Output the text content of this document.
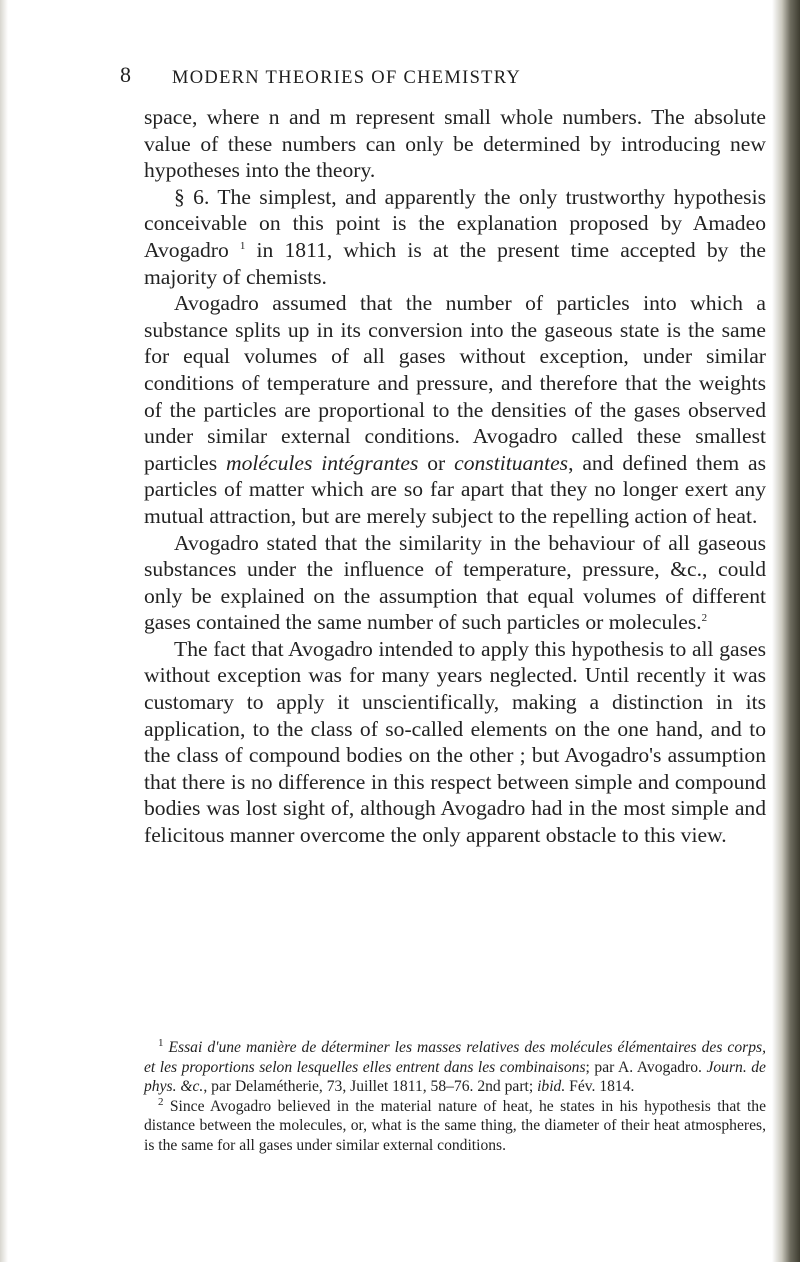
8 MODERN THEORIES OF CHEMISTRY

space, where n and m represent small whole numbers. The absolute value of these numbers can only be determined by introducing new hypotheses into the theory.

§ 6. The simplest, and apparently the only trustworthy hypothesis conceivable on this point is the explanation proposed by Amadeo Avogadro $^1$ in 1811, which is at the present time accepted by the majority of chemists.

Avogadro assumed that the number of particles into which a substance splits up in its conversion into the gaseous state is the same for equal volumes of all gases without exception, under similar conditions of temperature and pressure, and therefore that the weights of the particles are proportional to the densities of the gases observed under similar external conditions. Avogadro called these smallest particles molécules intégrantes or constituantes, and defined them as particles of matter which are so far apart that they no longer exert any mutual attraction, but are merely subject to the repelling action of heat.

Avogadro stated that the similarity in the behaviour of all gaseous substances under the influence of temperature, pressure, &c., could only be explained on the assumption that equal volumes of different gases contained the same number of such particles or molecules.$^2$

The fact that Avogadro intended to apply this hypothesis to all gases without exception was for many years neglected. Until recently it was customary to apply it unscientifically, making a distinction in its application, to the class of so-called elements on the one hand, and to the class of compound bodies on the other ; but Avogadro's assumption that there is no difference in this respect between simple and compound bodies was lost sight of, although Avogadro had in the most simple and felicitous manner overcome the only apparent obstacle to this view.

$^1$ Essai d'une manière de déterminer les masses relatives des molécules élémentaires des corps, et les proportions selon lesquelles elles entrent dans les combinaisons; par A. Avogadro. Journ. de phys. &c., par Delamétherie, 73, Juillet 1811, 58–76. 2nd part; ibid. Fév. 1814.

$^2$ Since Avogadro believed in the material nature of heat, he states in his hypothesis that the distance between the molecules, or, what is the same thing, the diameter of their heat atmospheres, is the same for all gases under similar external conditions.
